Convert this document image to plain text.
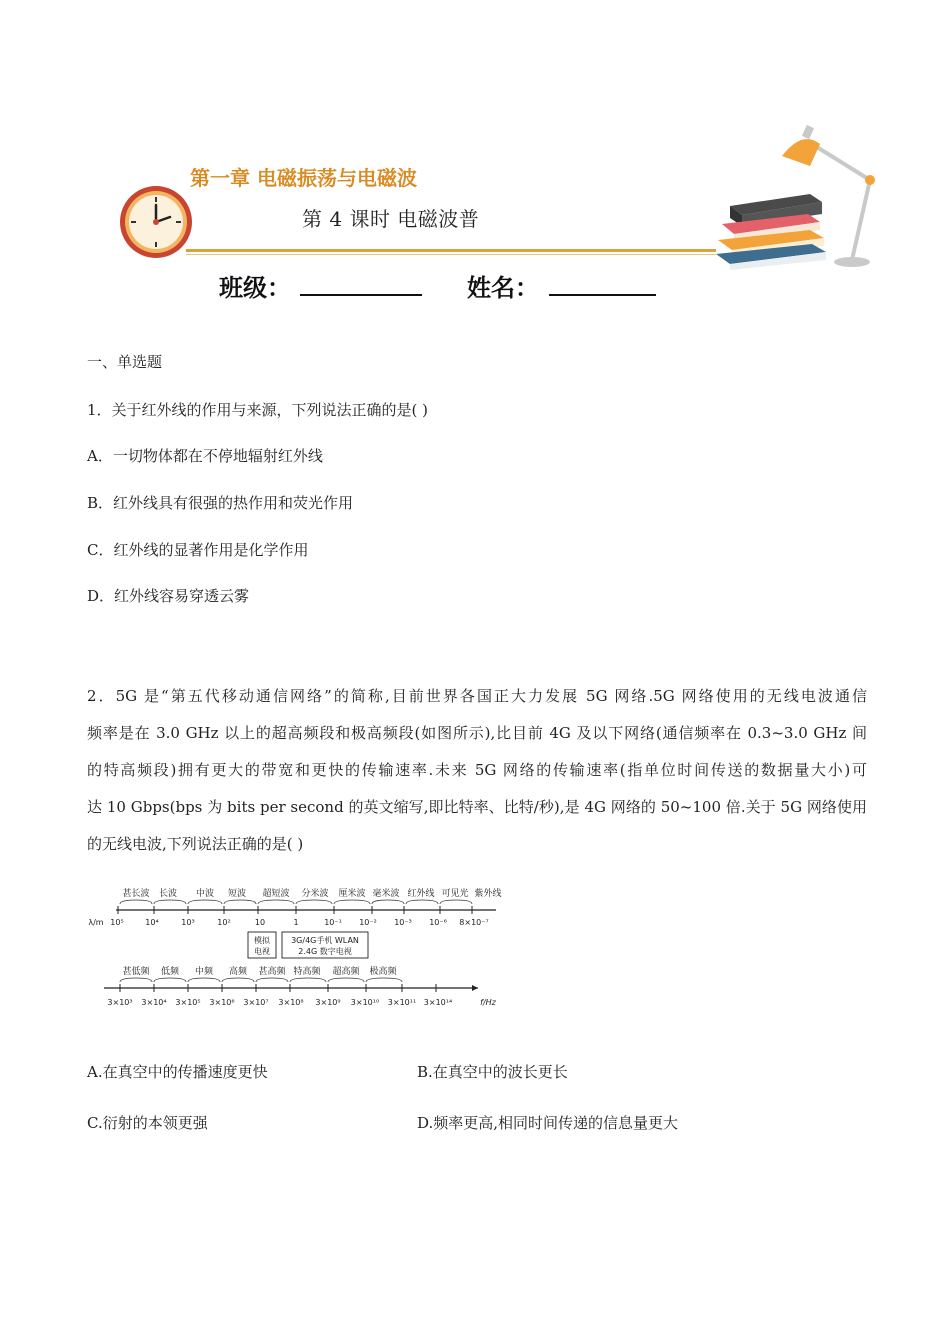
第一章 电磁振荡与电磁波
第 4 课时 电磁波普
班级：	姓名：
一、单选题
1．关于红外线的作用与来源，下列说法正确的是( )
A．一切物体都在不停地辐射红外线
B．红外线具有很强的热作用和荧光作用
C．红外线的显著作用是化学作用
D．红外线容易穿透云雾
2．5G 是“第五代移动通信网络”的简称,目前世界各国正大力发展 5G 网络.5G 网络使用的无线电波通信
频率是在 3.0 GHz 以上的超高频段和极高频段(如图所示),比目前 4G 及以下网络(通信频率在 0.3~3.0 GHz 间
的特高频段)拥有更大的带宽和更快的传输速率.未来 5G 网络的传输速率(指单位时间传送的数据量大小)可
达 10 Gbps(bps 为 bits per second 的英文缩写,即比特率、比特/秒),是 4G 网络的 50~100 倍.关于 5G 网络使用
的无线电波,下列说法正确的是( )
甚长波 长波 中波 短波 超短波 分米波 厘米波 毫米波 红外线 可见光 紫外线
λ/m 10⁵	10⁴	10³	10²	10	1	10⁻¹ 10⁻² 10⁻³ 10⁻⁶ 8×10⁻⁷
模拟
电视
3G/4G手机 WLAN
2.4G 数字电视
甚低频 低频 中频 高频 甚高频 特高频 超高频 极高频
3×10³ 3×10⁴ 3×10⁵ 3×10⁶ 3×10⁷ 3×10⁸ 3×10⁹ 3×10¹⁰ 3×10¹¹ 3×10¹⁴	f/Hz
A.在真空中的传播速度更快	B.在真空中的波长更长
C.衍射的本领更强	D.频率更高,相同时间传递的信息量更大
